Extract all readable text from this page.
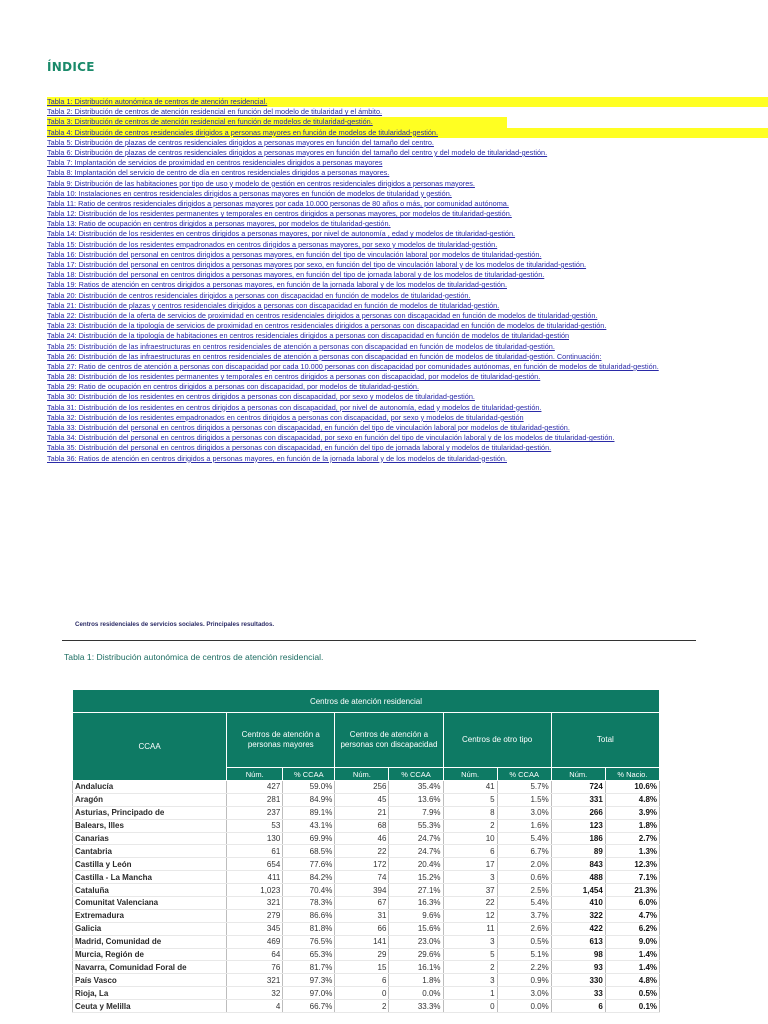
ÍNDICE
Tabla 1: Distribución autonómica de centros de atención residencial.
Tabla 2: Distribución de centros de atención residencial en función del modelo de titularidad y el ámbito.
Tabla 3: Distribución de centros de atención residencial en función de modelos de titularidad-gestión.
Tabla 4: Distribución de centros residenciales dirigidos a personas mayores en función de modelos de titularidad-gestión.
Tabla 5: Distribución de plazas de centros residenciales dirigidos a personas mayores en función del tamaño del centro.
Tabla 6: Distribución de plazas de centros residenciales dirigidos a personas mayores en función del tamaño del centro y del modelo de titularidad-gestión.
Tabla 7: Implantación de servicios de proximidad en centros residenciales dirigidos a personas mayores
Tabla 8: Implantación del servicio de centro de día en centros residenciales dirigidos a personas mayores.
Tabla 9: Distribución de las habitaciones por tipo de uso y modelo de gestión en centros residenciales dirigidos a personas mayores.
Tabla 10: Instalaciones en centros residenciales dirigidos a personas mayores en función de modelos de titularidad y gestión.
Tabla 11: Ratio de centros residenciales dirigidos a personas mayores por cada 10.000 personas de 80 años o más, por comunidad autónoma.
Tabla 12: Distribución de los residentes permanentes y temporales en centros dirigidos a personas mayores, por modelos de titularidad-gestión.
Tabla 13: Ratio de ocupación en centros dirigidos a personas mayores, por modelos de titularidad-gestión.
Tabla 14: Distribución de los residentes en centros dirigidos a personas mayores, por nivel de autonomía , edad y modelos de titularidad-gestión.
Tabla 15: Distribución de los residentes empadronados en centros dirigidos a personas mayores, por sexo y modelos de titularidad-gestión.
Tabla 16: Distribución del personal en centros dirigidos a personas mayores, en función del tipo de vinculación laboral por modelos de titularidad-gestión.
Tabla 17: Distribución del personal en centros dirigidos a personas mayores por sexo, en función del tipo de vinculación laboral y de los modelos de titularidad-gestión.
Tabla 18: Distribución del personal en centros dirigidos a personas mayores, en función del tipo de jornada laboral y de los modelos de titularidad-gestión.
Tabla 19: Ratios de atención en centros dirigidos a personas mayores, en función de la jornada laboral y de los modelos de titularidad-gestión.
Tabla 20: Distribución de centros residenciales dirigidos a personas con discapacidad en función de modelos de titularidad-gestión.
Tabla 21: Distribución de plazas y centros residenciales dirigidos a personas con discapacidad en función de modelos de titularidad-gestión.
Tabla 22: Distribución de la oferta de servicios de proximidad en centros residenciales dirigidos a personas con discapacidad en función de modelos de titularidad-gestión.
Tabla 23: Distribución de la tipología de servicios de proximidad en centros residenciales dirigidos a personas con discapacidad en función de modelos de titularidad-gestión.
Tabla 24: Distribución de la tipología de habitaciones en centros residenciales dirigidos a personas con discapacidad en función de modelos de titularidad-gestión
Tabla 25: Distribución de las infraestructuras en centros residenciales de atención a personas con discapacidad en función de modelos de titularidad-gestión.
Tabla 26: Distribución de las infraestructuras en centros residenciales de atención a personas con discapacidad en función de modelos de titularidad-gestión. Continuación:
Tabla 27: Ratio de centros de atención a personas con discapacidad por cada 10.000 personas con discapacidad por comunidades autónomas, en función de modelos de titularidad-gestión.
Tabla 28: Distribución de los residentes permanentes y temporales en centros dirigidos a personas con discapacidad, por modelos de titularidad-gestión.
Tabla 29: Ratio de ocupación en centros dirigidos a personas con discapacidad, por modelos de titularidad-gestión.
Tabla 30: Distribución de los residentes en centros dirigidos a personas con discapacidad, por sexo y modelos de titularidad-gestión.
Tabla 31: Distribución de los residentes en centros dirigidos a personas con discapacidad, por nivel de autonomía, edad y modelos de titularidad-gestión.
Tabla 32: Distribución de los residentes empadronados en centros dirigidos a personas con discapacidad, por sexo y modelos de titularidad-gestión
Tabla 33: Distribución del personal en centros dirigidos a personas con discapacidad, en función del tipo de vinculación laboral por modelos de titularidad-gestión.
Tabla 34: Distribución del personal en centros dirigidos a personas con discapacidad, por sexo en función del tipo de vinculación laboral y de los modelos de titularidad-gestión.
Tabla 35: Distribución del personal en centros dirigidos a personas con discapacidad, en función del tipo de jornada laboral y modelos de titularidad-gestión.
Tabla 36: Ratios de atención en centros dirigidos a personas mayores, en función de la jornada laboral y de los modelos de titularidad-gestión.
Centros residenciales de servicios sociales. Principales resultados.
Tabla 1: Distribución autonómica de centros de atención residencial.
Centros de atención residencial								
CCAA	Centros de atención a personas mayores		Centros de atención a personas con discapacidad		Centros de otro tipo		Total	
	Núm.	% CCAA	Núm.	% CCAA	Núm.	% CCAA	Núm.	% Nacio.
Andalucía	427	59.0%	256	35.4%	41	5.7%	724	10.6%
Aragón	281	84.9%	45	13.6%	5	1.5%	331	4.8%
Asturias, Principado de	237	89.1%	21	7.9%	8	3.0%	266	3.9%
Balears, Illes	53	43.1%	68	55.3%	2	1.6%	123	1.8%
Canarias	130	69.9%	46	24.7%	10	5.4%	186	2.7%
Cantabria	61	68.5%	22	24.7%	6	6.7%	89	1.3%
Castilla y León	654	77.6%	172	20.4%	17	2.0%	843	12.3%
Castilla - La Mancha	411	84.2%	74	15.2%	3	0.6%	488	7.1%
Cataluña	1,023	70.4%	394	27.1%	37	2.5%	1,454	21.3%
Comunitat Valenciana	321	78.3%	67	16.3%	22	5.4%	410	6.0%
Extremadura	279	86.6%	31	9.6%	12	3.7%	322	4.7%
Galicia	345	81.8%	66	15.6%	11	2.6%	422	6.2%
Madrid, Comunidad de	469	76.5%	141	23.0%	3	0.5%	613	9.0%
Murcia, Región de	64	65.3%	29	29.6%	5	5.1%	98	1.4%
Navarra, Comunidad Foral de	76	81.7%	15	16.1%	2	2.2%	93	1.4%
País Vasco	321	97.3%	6	1.8%	3	0.9%	330	4.8%
Rioja, La	32	97.0%	0	0.0%	1	3.0%	33	0.5%
Ceuta y Melilla	4	66.7%	2	33.3%	0	0.0%	6	0.1%
